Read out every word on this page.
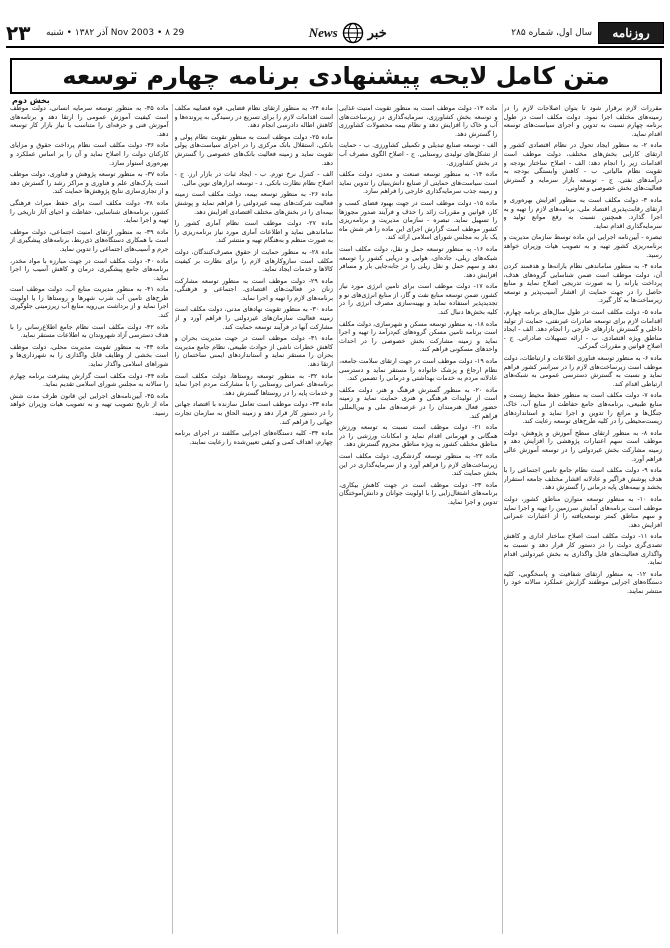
۲۳	29 Nov 2003 • ۸ آذر ۱۳۸۲ • شنبه	News خبر	سال اول، شماره ۲۸۵	روزنامه
متن کامل لایحه پیشنهادی برنامه چهارم توسعه
بخش دوم

مقررات لازم برقرار شود تا بتوان اصلاحات لازم را در زمینه‌های مختلف اجرا نمود. دولت مکلف است در طول برنامه چهارم نسبت به تدوین و اجرای سیاست‌های توسعه اقدام نماید.

ماده ۲- به منظور ایجاد تحول در نظام اقتصادی کشور و ارتقای کارایی بخش‌های مختلف، دولت موظف است اقدامات زیر را انجام دهد: الف - اصلاح ساختار بودجه و تقویت نظام مالیاتی. ب - کاهش وابستگی بودجه به درآمدهای نفتی. ج - توسعه بازار سرمایه و گسترش فعالیت‌های بخش خصوصی و تعاونی.

ماده ۳- دولت مکلف است به منظور افزایش بهره‌وری و ارتقای رقابت‌پذیری اقتصاد ملی، برنامه‌های لازم را تهیه و به اجرا گذارد. همچنین نسبت به رفع موانع تولید و سرمایه‌گذاری اقدام نماید.

تبصره - آیین‌نامه اجرایی این ماده توسط سازمان مدیریت و برنامه‌ریزی کشور تهیه و به تصویب هیات وزیران خواهد رسید.

ماده ۴- به منظور ساماندهی نظام یارانه‌ها و هدفمند کردن آن، دولت موظف است ضمن شناسایی گروه‌های هدف، پرداخت یارانه را به صورت تدریجی اصلاح نماید و منابع حاصل را در جهت حمایت از اقشار آسیب‌پذیر و توسعه زیرساخت‌ها به کار گیرد.

ماده ۵- دولت مکلف است در طول سال‌های برنامه چهارم، اقدامات لازم برای توسعه صادرات غیرنفتی، حمایت از تولید داخلی و گسترش بازارهای خارجی را انجام دهد. الف - ایجاد مناطق ویژه اقتصادی. ب - ارائه تسهیلات صادراتی. ج - اصلاح قوانین و مقررات گمرکی.

ماده ۶- به منظور توسعه فناوری اطلاعات و ارتباطات، دولت موظف است زیرساخت‌های لازم را در سراسر کشور فراهم نماید و نسبت به گسترش دسترسی عمومی به شبکه‌های ارتباطی اقدام کند.

ماده ۷- دولت مکلف است به منظور حفظ محیط زیست و منابع طبیعی، برنامه‌های جامع حفاظت از منابع آب، خاک، جنگل‌ها و مراتع را تدوین و اجرا نماید و استانداردهای زیست‌محیطی را در کلیه طرح‌های توسعه رعایت کند.

ماده ۸- به منظور ارتقای سطح آموزش و پژوهش، دولت موظف است سهم اعتبارات پژوهشی را افزایش دهد و زمینه مشارکت بخش غیردولتی را در توسعه آموزش عالی فراهم آورد.

ماده ۹- دولت مکلف است نظام جامع تامین اجتماعی را با هدف پوشش فراگیر و عادلانه اقشار مختلف جامعه استقرار بخشد و بیمه‌های پایه درمانی را گسترش دهد.

ماده ۱۰- به منظور توسعه متوازن مناطق کشور، دولت موظف است برنامه‌های آمایش سرزمین را تهیه و اجرا نماید و سهم مناطق کمتر توسعه‌یافته را از اعتبارات عمرانی افزایش دهد.

ماده ۱۱- دولت مکلف است اصلاح ساختار اداری و کاهش تصدی‌گری دولت را در دستور کار قرار دهد و نسبت به واگذاری فعالیت‌های قابل واگذاری به بخش غیردولتی اقدام نماید.

ماده ۱۲- به منظور ارتقای شفافیت و پاسخگویی، کلیه دستگاه‌های اجرایی موظفند گزارش عملکرد سالانه خود را منتشر نمایند.

ماده ۱۳- دولت موظف است به منظور تقویت امنیت غذایی و توسعه بخش کشاورزی، سرمایه‌گذاری در زیرساخت‌های آب و خاک را افزایش دهد و نظام بیمه محصولات کشاورزی را گسترش دهد.

الف - توسعه صنایع تبدیلی و تکمیلی کشاورزی. ب - حمایت از تشکل‌های تولیدی روستایی. ج - اصلاح الگوی مصرف آب در بخش کشاورزی.

ماده ۱۴- به منظور توسعه صنعت و معدن، دولت مکلف است سیاست‌های حمایتی از صنایع دانش‌بنیان را تدوین نماید و زمینه جذب سرمایه‌گذاری خارجی را فراهم سازد.

ماده ۱۵- دولت موظف است در جهت بهبود فضای کسب و کار، قوانین و مقررات زائد را حذف و فرآیند صدور مجوزها را تسهیل نماید. تبصره - سازمان مدیریت و برنامه‌ریزی کشور موظف است گزارش اجرای این ماده را هر شش ماه یک بار به مجلس شورای اسلامی ارائه کند.

ماده ۱۶- به منظور توسعه حمل و نقل، دولت مکلف است شبکه‌های ریلی، جاده‌ای، هوایی و دریایی کشور را توسعه دهد و سهم حمل و نقل ریلی را در جابه‌جایی بار و مسافر افزایش دهد.

ماده ۱۷- دولت موظف است برای تامین انرژی مورد نیاز کشور، ضمن توسعه منابع نفت و گاز، از منابع انرژی‌های نو و تجدیدپذیر استفاده نماید و بهینه‌سازی مصرف انرژی را در کلیه بخش‌ها دنبال کند.

ماده ۱۸- به منظور توسعه مسکن و شهرسازی، دولت مکلف است برنامه تامین مسکن گروه‌های کم‌درآمد را تهیه و اجرا نماید و زمینه مشارکت بخش خصوصی را در احداث واحدهای مسکونی فراهم کند.

ماده ۱۹- دولت موظف است در جهت ارتقای سلامت جامعه، نظام ارجاع و پزشک خانواده را مستقر نماید و دسترسی عادلانه مردم به خدمات بهداشتی و درمانی را تضمین کند.

ماده ۲۰- به منظور گسترش فرهنگ و هنر، دولت مکلف است از تولیدات فرهنگی و هنری حمایت نماید و زمینه حضور فعال هنرمندان را در عرصه‌های ملی و بین‌المللی فراهم کند.

ماده ۲۱- دولت موظف است نسبت به توسعه ورزش همگانی و قهرمانی اقدام نماید و امکانات ورزشی را در مناطق مختلف کشور به ویژه مناطق محروم گسترش دهد.

ماده ۲۲- به منظور توسعه گردشگری، دولت مکلف است زیرساخت‌های لازم را فراهم آورد و از سرمایه‌گذاری در این بخش حمایت کند.

ماده ۲۳- دولت موظف است در جهت کاهش بیکاری، برنامه‌های اشتغال‌زایی را با اولویت جوانان و دانش‌آموختگان تدوین و اجرا نماید.

ماده ۲۴- به منظور ارتقای نظام قضایی، قوه قضاییه مکلف است اقدامات لازم را برای تسریع در رسیدگی به پرونده‌ها و کاهش اطاله دادرسی انجام دهد.

ماده ۲۵- دولت موظف است به منظور تقویت نظام پولی و بانکی، استقلال بانک مرکزی را در اجرای سیاست‌های پولی تقویت نماید و زمینه فعالیت بانک‌های خصوصی را گسترش دهد.

الف - کنترل نرخ تورم. ب - ایجاد ثبات در بازار ارز. ج - اصلاح نظام نظارت بانکی. د - توسعه ابزارهای نوین مالی.

ماده ۲۶- به منظور توسعه بیمه، دولت مکلف است زمینه فعالیت شرکت‌های بیمه غیردولتی را فراهم نماید و پوشش بیمه‌ای را در بخش‌های مختلف اقتصادی افزایش دهد.

ماده ۲۷- دولت موظف است نظام آماری کشور را ساماندهی نماید و اطلاعات آماری مورد نیاز برنامه‌ریزی را به صورت منظم و به‌هنگام تهیه و منتشر کند.

ماده ۲۸- به منظور حمایت از حقوق مصرف‌کنندگان، دولت مکلف است سازوکارهای لازم را برای نظارت بر کیفیت کالاها و خدمات ایجاد نماید.

ماده ۲۹- دولت موظف است به منظور توسعه مشارکت زنان در فعالیت‌های اقتصادی، اجتماعی و فرهنگی، برنامه‌های لازم را تهیه و اجرا نماید.

ماده ۳۰- به منظور تقویت نهادهای مدنی، دولت مکلف است زمینه فعالیت سازمان‌های غیردولتی را فراهم آورد و از مشارکت آنها در فرآیند توسعه حمایت کند.

ماده ۳۱- دولت موظف است در جهت مدیریت بحران و کاهش خطرات ناشی از حوادث طبیعی، نظام جامع مدیریت بحران را مستقر نماید و استانداردهای ایمنی ساختمان را ارتقا دهد.

ماده ۳۲- به منظور توسعه روستاها، دولت مکلف است برنامه‌های عمرانی روستایی را با مشارکت مردم اجرا نماید و خدمات پایه را در روستاها گسترش دهد.

ماده ۳۳- دولت موظف است تعامل سازنده با اقتصاد جهانی را در دستور کار قرار دهد و زمینه الحاق به سازمان تجارت جهانی را فراهم کند.

ماده ۳۴- کلیه دستگاه‌های اجرایی مکلفند در اجرای برنامه چهارم، اهداف کمی و کیفی تعیین‌شده را رعایت نمایند.

ماده ۳۵- به منظور توسعه سرمایه انسانی، دولت موظف است کیفیت آموزش عمومی را ارتقا دهد و برنامه‌های آموزش فنی و حرفه‌ای را متناسب با نیاز بازار کار توسعه دهد.

ماده ۳۶- دولت مکلف است نظام پرداخت حقوق و مزایای کارکنان دولت را اصلاح نماید و آن را بر اساس عملکرد و بهره‌وری استوار سازد.

ماده ۳۷- به منظور توسعه پژوهش و فناوری، دولت موظف است پارک‌های علم و فناوری و مراکز رشد را گسترش دهد و از تجاری‌سازی نتایج پژوهش‌ها حمایت کند.

ماده ۳۸- دولت مکلف است برای حفظ میراث فرهنگی کشور، برنامه‌های شناسایی، حفاظت و احیای آثار تاریخی را تهیه و اجرا نماید.

ماده ۳۹- به منظور ارتقای امنیت اجتماعی، دولت موظف است با همکاری دستگاه‌های ذی‌ربط، برنامه‌های پیشگیری از جرم و آسیب‌های اجتماعی را تدوین نماید.

ماده ۴۰- دولت مکلف است در جهت مبارزه با مواد مخدر، برنامه‌های جامع پیشگیری، درمان و کاهش آسیب را اجرا نماید.

ماده ۴۱- به منظور مدیریت منابع آب، دولت موظف است طرح‌های تامین آب شرب شهرها و روستاها را با اولویت اجرا نماید و از برداشت بی‌رویه منابع آب زیرزمینی جلوگیری کند.

ماده ۴۲- دولت مکلف است نظام جامع اطلاع‌رسانی را با هدف دسترسی آزاد شهروندان به اطلاعات مستقر نماید.

ماده ۴۳- به منظور تقویت مدیریت محلی، دولت موظف است بخشی از وظایف قابل واگذاری را به شهرداری‌ها و شوراهای اسلامی واگذار نماید.

ماده ۴۴- دولت مکلف است گزارش پیشرفت برنامه چهارم را سالانه به مجلس شورای اسلامی تقدیم نماید.

ماده ۴۵- آیین‌نامه‌های اجرایی این قانون ظرف مدت شش ماه از تاریخ تصویب تهیه و به تصویب هیات وزیران خواهد رسید.
